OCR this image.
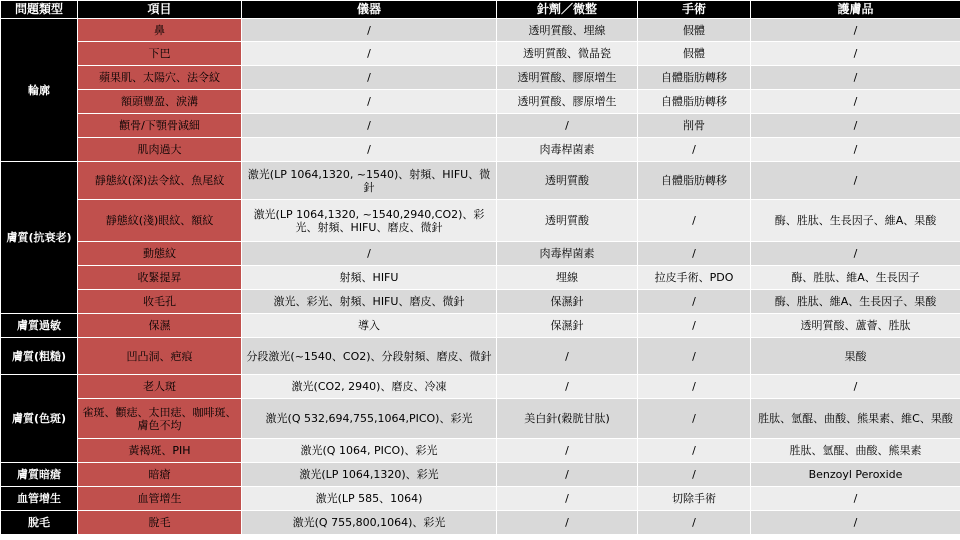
問題類型	項目	儀器	針劑／微整	手術	護膚品
輪廓	鼻	/	透明質酸、埋線	假體	/
	下巴	/	透明質酸、微晶瓷	假體	/
	蘋果肌、太陽穴、法令紋	/	透明質酸、膠原增生	自體脂肪轉移	/
	額頭豐盈、淚溝	/	透明質酸、膠原增生	自體脂肪轉移	/
	顴骨/下顎骨減細	/	/	削骨	/
	肌肉過大	/	肉毒桿菌素	/	/
膚質(抗衰老)	靜態紋(深)法令紋、魚尾紋	激光(LP 1064,1320, ~1540)、射頻、HIFU、微針	透明質酸	自體脂肪轉移	/
	靜態紋(淺)眼紋、額紋	激光(LP 1064,1320, ~1540,2940,CO2)、彩光、射頻、HIFU、磨皮、微針	透明質酸	/	酶、胜肽、生長因子、維A、果酸
	動態紋	/	肉毒桿菌素	/	/
	收緊提昇	射頻、HIFU	埋線	拉皮手術、PDO	酶、胜肽、維A、生長因子
	收毛孔	激光、彩光、射頻、HIFU、磨皮、微針	保濕針	/	酶、胜肽、維A、生長因子、果酸
膚質過敏	保濕	導入	保濕針	/	透明質酸、蘆薈、胜肽
膚質(粗糙)	凹凸洞、疤痕	分段激光(~1540、CO2)、分段射頻、磨皮、微針	/	/	果酸
膚質(色斑)	老人斑	激光(CO2, 2940)、磨皮、冷凍	/	/	/
	雀斑、顴痣、太田痣、咖啡斑、膚色不均	激光(Q 532,694,755,1064,PICO)、彩光	美白針(穀胱甘肽)	/	胜肽、氫醌、曲酸、熊果素、維C、果酸
	黃褐斑、PIH	激光(Q 1064, PICO)、彩光	/	/	胜肽、氫醌、曲酸、熊果素
膚質暗瘡	暗瘡	激光(LP 1064,1320)、彩光	/	/	Benzoyl Peroxide
血管增生	血管增生	激光(LP 585、1064)	/	切除手術	/
脫毛	脫毛	激光(Q 755,800,1064)、彩光	/	/	/
